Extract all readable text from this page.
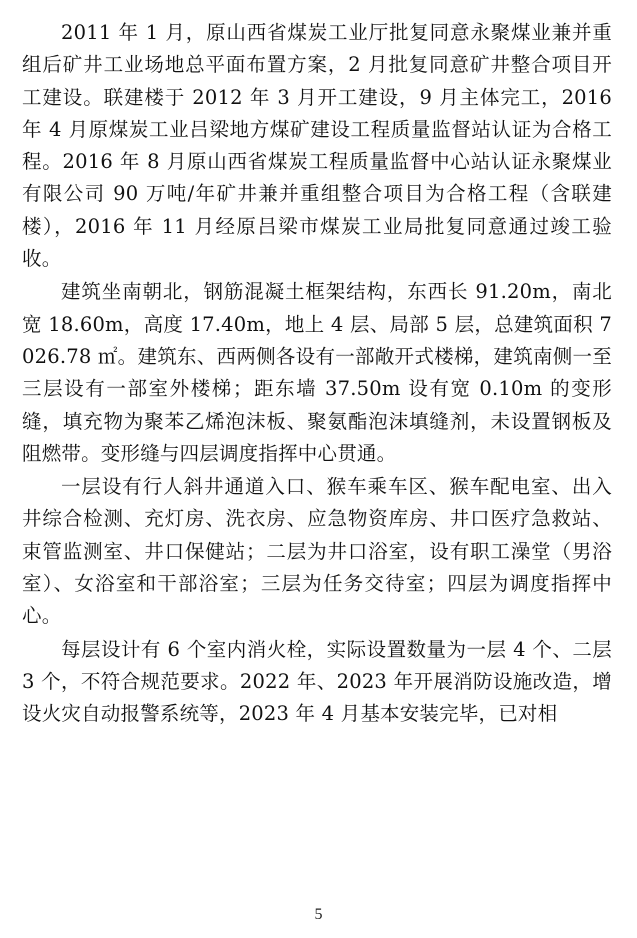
2011 年 1 月，原山西省煤炭工业厅批复同意永聚煤业兼并重组后矿井工业场地总平面布置方案，2 月批复同意矿井整合项目开工建设。联建楼于 2012 年 3 月开工建设，9 月主体完工，2016 年 4 月原煤炭工业吕梁地方煤矿建设工程质量监督站认证为合格工程。2016 年 8 月原山西省煤炭工程质量监督中心站认证永聚煤业有限公司 90 万吨/年矿井兼并重组整合项目为合格工程（含联建楼），2016 年 11 月经原吕梁市煤炭工业局批复同意通过竣工验收。

建筑坐南朝北，钢筋混凝土框架结构，东西长 91.20m，南北宽 18.60m，高度 17.40m，地上 4 层、局部 5 层，总建筑面积 7026.78 ㎡。建筑东、西两侧各设有一部敞开式楼梯，建筑南侧一至三层设有一部室外楼梯；距东墙 37.50m 设有宽 0.10m 的变形缝，填充物为聚苯乙烯泡沫板、聚氨酯泡沫填缝剂，未设置钢板及阻燃带。变形缝与四层调度指挥中心贯通。

一层设有行人斜井通道入口、猴车乘车区、猴车配电室、出入井综合检测、充灯房、洗衣房、应急物资库房、井口医疗急救站、束管监测室、井口保健站；二层为井口浴室，设有职工澡堂（男浴室）、女浴室和干部浴室；三层为任务交待室；四层为调度指挥中心。

每层设计有 6 个室内消火栓，实际设置数量为一层 4 个、二层 3 个，不符合规范要求。2022 年、2023 年开展消防设施改造，增设火灾自动报警系统等，2023 年 4 月基本安装完毕，已对相

5
